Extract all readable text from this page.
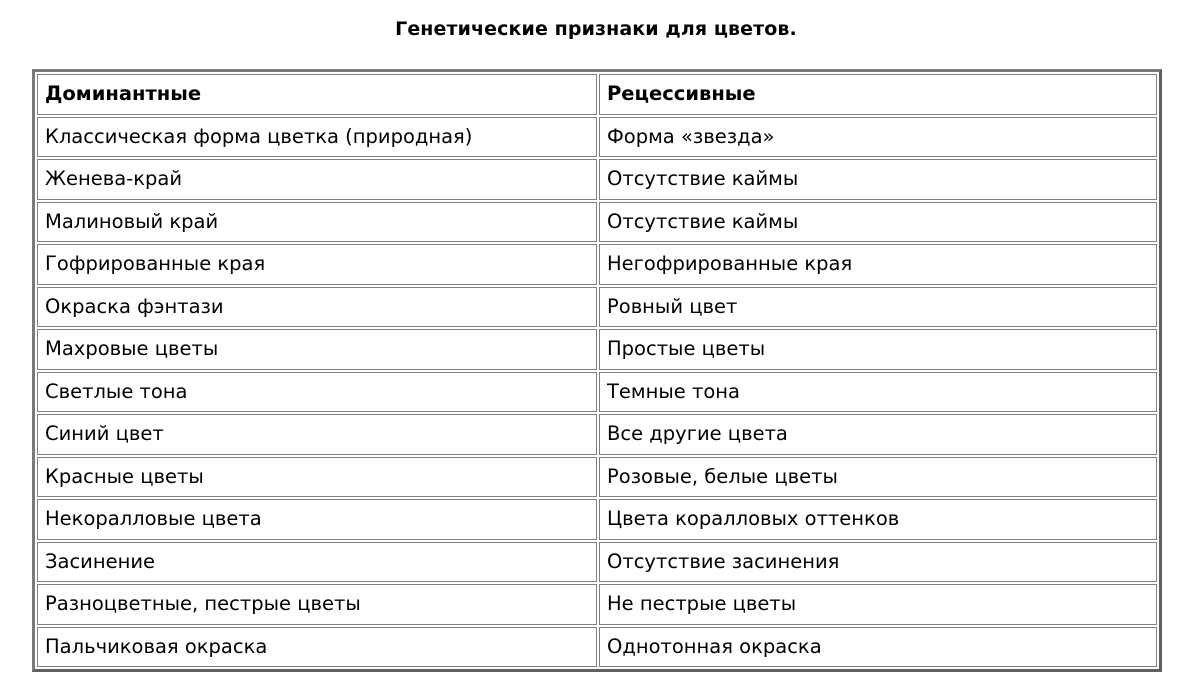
Генетические признаки для цветов.
Доминантные	Рецессивные
Классическая форма цветка (природная)	Форма «звезда»
Женева-край	Отсутствие каймы
Малиновый край	Отсутствие каймы
Гофрированные края	Негофрированные края
Окраска фэнтази	Ровный цвет
Махровые цветы	Простые цветы
Светлые тона	Темные тона
Синий цвет	Все другие цвета
Красные цветы	Розовые, белые цветы
Некоралловые цвета	Цвета коралловых оттенков
Засинение	Отсутствие засинения
Разноцветные, пестрые цветы	Не пестрые цветы
Пальчиковая окраска	Однотонная окраска
